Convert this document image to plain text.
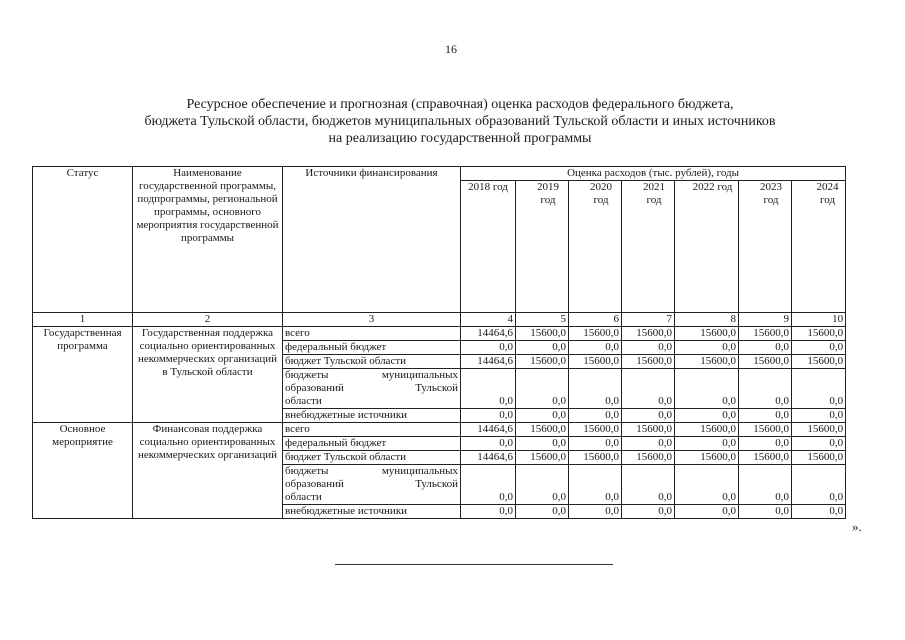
16
Ресурсное обеспечение и прогнозная (справочная) оценка расходов федерального бюджета,
бюджета Тульской области, бюджетов муниципальных образований Тульской области и иных источников
на реализацию государственной программы
Статус	Наименование государственной программы, подпрограммы, региональной программы, основного мероприятия государственной программы	Источники финансирования	Оценка расходов (тыс. рублей), годы						
			2018 год	2019 год	2020 год	2021 год	2022 год	2023 год	2024 год
1	2	3	4	5	6	7	8	9	10
Государственная программа	Государственная поддержка социально ориентированных некоммерческих организаций в Тульской области	всего	14464,6	15600,0	15600,0	15600,0	15600,0	15600,0	15600,0
		федеральный бюджет	0,0	0,0	0,0	0,0	0,0	0,0	0,0
		бюджет Тульской области	14464,6	15600,0	15600,0	15600,0	15600,0	15600,0	15600,0

		бюджеты муниципальных
образований Тульской
области	0,0	0,0	0,0	0,0	0,0	0,0	0,0
		внебюджетные источники	0,0	0,0	0,0	0,0	0,0	0,0	0,0
Основное мероприятие	Финансовая поддержка социально ориентированных некоммерческих организаций	всего	14464,6	15600,0	15600,0	15600,0	15600,0	15600,0	15600,0
		федеральный бюджет	0,0	0,0	0,0	0,0	0,0	0,0	0,0
		бюджет Тульской области	14464,6	15600,0	15600,0	15600,0	15600,0	15600,0	15600,0

		бюджеты муниципальных
образований Тульской
области	0,0	0,0	0,0	0,0	0,0	0,0	0,0
		внебюджетные источники	0,0	0,0	0,0	0,0	0,0	0,0	0,0
».
